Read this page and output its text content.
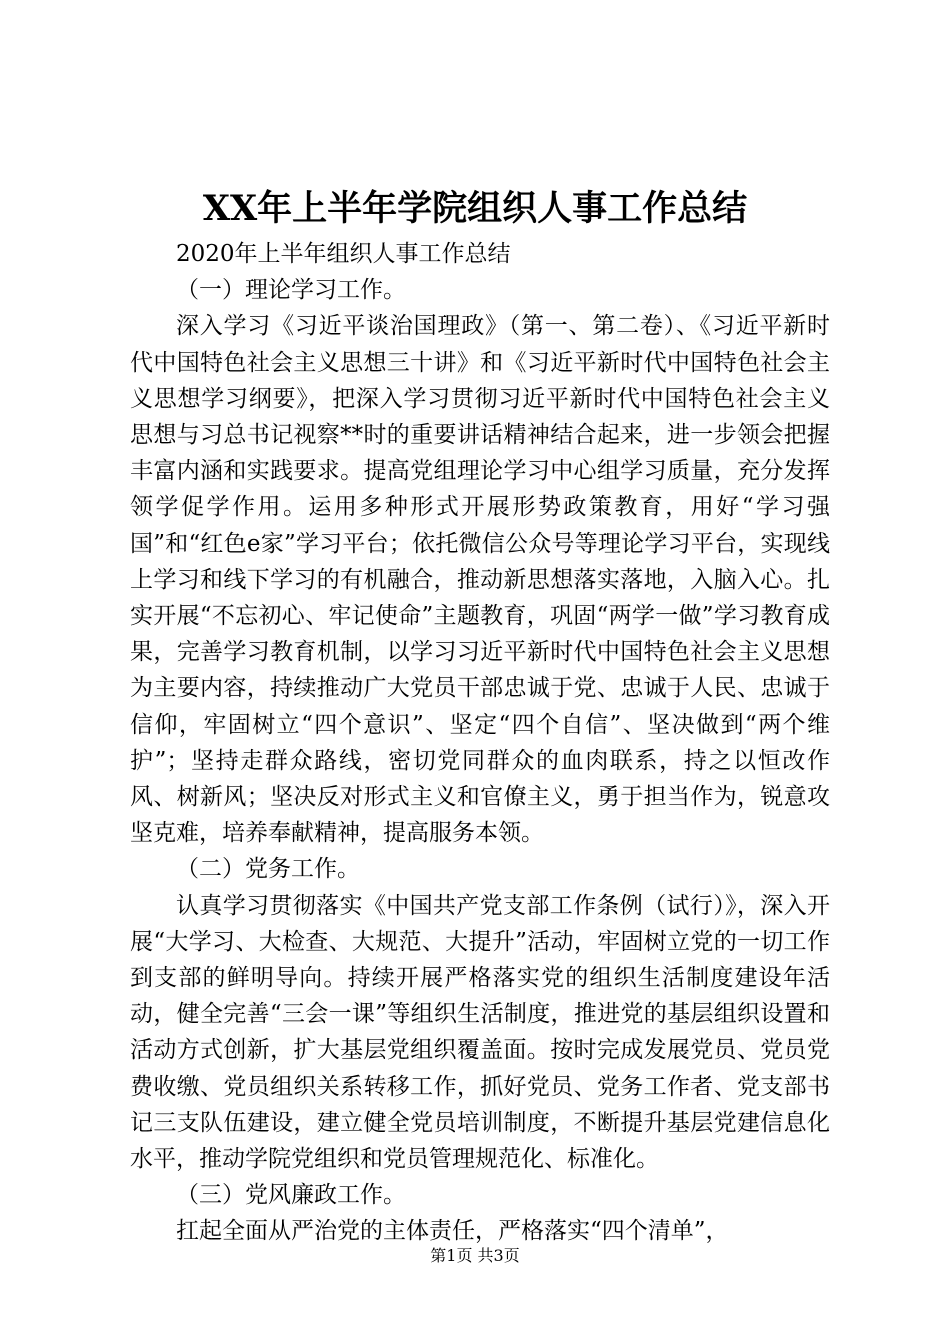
XX年上半年学院组织人事工作总结

2020年上半年组织人事工作总结

（一）理论学习工作。

深入学习《习近平谈治国理政》（第一、第二卷）、《习近平新时代中国特色社会主义思想三十讲》和《习近平新时代中国特色社会主义思想学习纲要》，把深入学习贯彻习近平新时代中国特色社会主义思想与习总书记视察**时的重要讲话精神结合起来，进一步领会把握丰富内涵和实践要求。提高党组理论学习中心组学习质量，充分发挥领学促学作用。运用多种形式开展形势政策教育，用好“学习强国”和“红色e家”学习平台；依托微信公众号等理论学习平台，实现线上学习和线下学习的有机融合，推动新思想落实落地，入脑入心。扎实开展“不忘初心、牢记使命”主题教育，巩固“两学一做”学习教育成果，完善学习教育机制，以学习习近平新时代中国特色社会主义思想为主要内容，持续推动广大党员干部忠诚于党、忠诚于人民、忠诚于信仰，牢固树立“四个意识”、坚定“四个自信”、坚决做到“两个维护”；坚持走群众路线，密切党同群众的血肉联系，持之以恒改作风、树新风；坚决反对形式主义和官僚主义，勇于担当作为，锐意攻坚克难，培养奉献精神，提高服务本领。

（二）党务工作。

认真学习贯彻落实《中国共产党支部工作条例（试行）》，深入开展“大学习、大检查、大规范、大提升”活动，牢固树立党的一切工作到支部的鲜明导向。持续开展严格落实党的组织生活制度建设年活动，健全完善“三会一课”等组织生活制度，推进党的基层组织设置和活动方式创新，扩大基层党组织覆盖面。按时完成发展党员、党员党费收缴、党员组织关系转移工作，抓好党员、党务工作者、党支部书记三支队伍建设，建立健全党员培训制度，不断提升基层党建信息化水平，推动学院党组织和党员管理规范化、标准化。

（三）党风廉政工作。

扛起全面从严治党的主体责任，严格落实“四个清单”，

第1页 共3页
